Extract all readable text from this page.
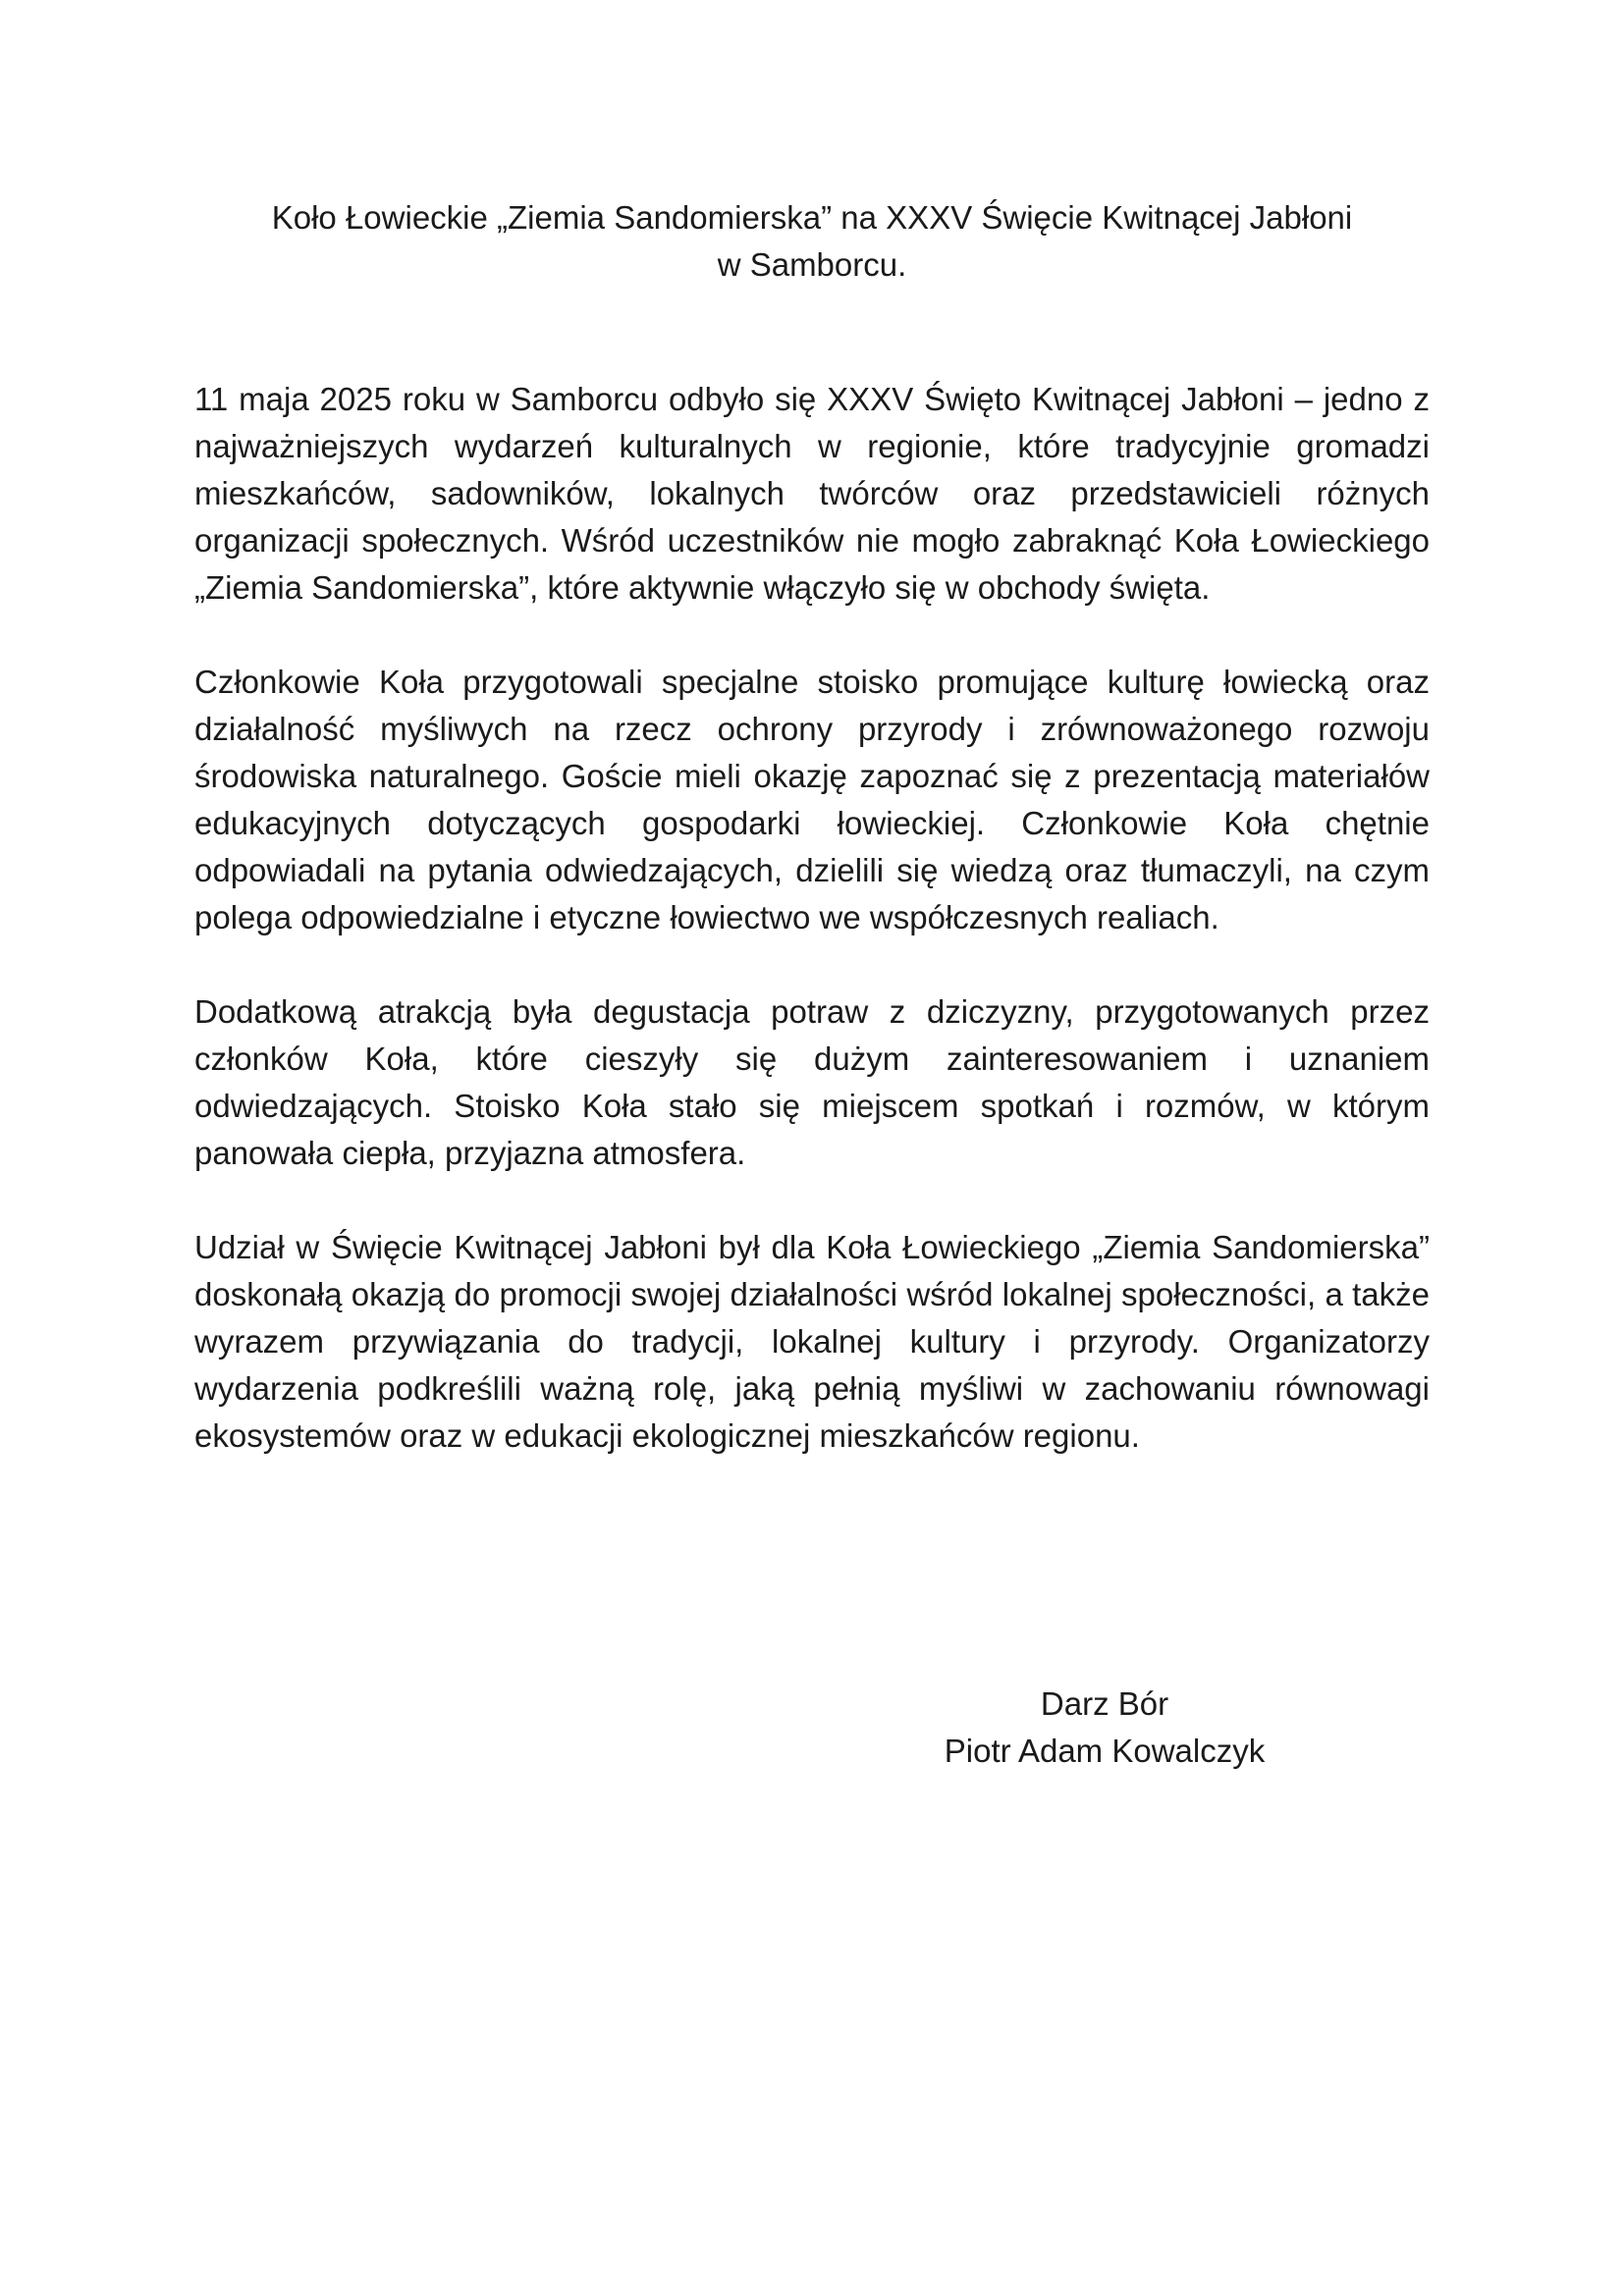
Koło Łowieckie „Ziemia Sandomierska” na XXXV Święcie Kwitnącej Jabłoni
w Samborcu.

11 maja 2025 roku w Samborcu odbyło się XXXV Święto Kwitnącej Jabłoni – jedno z najważniejszych wydarzeń kulturalnych w regionie, które tradycyjnie gromadzi mieszkańców, sadowników, lokalnych twórców oraz przedstawicieli różnych organizacji społecznych. Wśród uczestników nie mogło zabraknąć Koła Łowieckiego „Ziemia Sandomierska”, które aktywnie włączyło się w obchody święta.

Członkowie Koła przygotowali specjalne stoisko promujące kulturę łowiecką oraz działalność myśliwych na rzecz ochrony przyrody i zrównoważonego rozwoju środowiska naturalnego. Goście mieli okazję zapoznać się z prezentacją materiałów edukacyjnych dotyczących gospodarki łowieckiej. Członkowie Koła chętnie odpowiadali na pytania odwiedzających, dzielili się wiedzą oraz tłumaczyli, na czym polega odpowiedzialne i etyczne łowiectwo we współczesnych realiach.

Dodatkową atrakcją była degustacja potraw z dziczyzny, przygotowanych przez członków Koła, które cieszyły się dużym zainteresowaniem i uznaniem odwiedzających. Stoisko Koła stało się miejscem spotkań i rozmów, w którym panowała ciepła, przyjazna atmosfera.

Udział w Święcie Kwitnącej Jabłoni był dla Koła Łowieckiego „Ziemia Sandomierska” doskonałą okazją do promocji swojej działalności wśród lokalnej społeczności, a także wyrazem przywiązania do tradycji, lokalnej kultury i przyrody. Organizatorzy wydarzenia podkreślili ważną rolę, jaką pełnią myśliwi w zachowaniu równowagi ekosystemów oraz w edukacji ekologicznej mieszkańców regionu.

Darz Bór
Piotr Adam Kowalczyk
